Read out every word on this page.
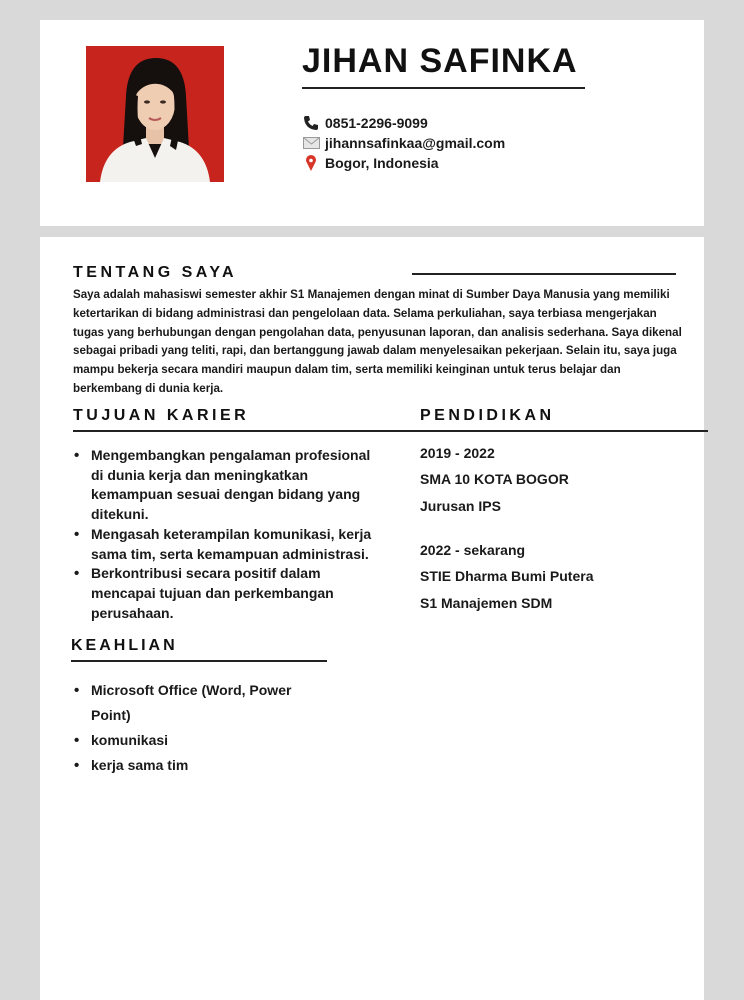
JIHAN SAFINKA
0851-2296-9099
jihannsafinkaa@gmail.com
Bogor, Indonesia
TENTANG SAYA

Saya adalah mahasiswi semester akhir S1 Manajemen dengan minat di Sumber Daya Manusia yang memiliki ketertarikan di bidang administrasi dan pengelolaan data. Selama perkuliahan, saya terbiasa mengerjakan tugas yang berhubungan dengan pengolahan data, penyusunan laporan, dan analisis sederhana. Saya dikenal sebagai pribadi yang teliti, rapi, dan bertanggung jawab dalam menyelesaikan pekerjaan. Selain itu, saya juga mampu bekerja secara mandiri maupun dalam tim, serta memiliki keinginan untuk terus belajar dan berkembang di dunia kerja.

TUJUAN KARIER
• Mengembangkan pengalaman profesional di dunia kerja dan meningkatkan kemampuan sesuai dengan bidang yang ditekuni.
• Mengasah keterampilan komunikasi, kerja sama tim, serta kemampuan administrasi.
• Berkontribusi secara positif dalam mencapai tujuan dan perkembangan perusahaan.
PENDIDIKAN
2019 - 2022
SMA 10 KOTA BOGOR
Jurusan IPS
2022 - sekarang
STIE Dharma Bumi Putera
S1 Manajemen SDM
KEAHLIAN
• Microsoft Office (Word, Power Point)
• komunikasi
• kerja sama tim
